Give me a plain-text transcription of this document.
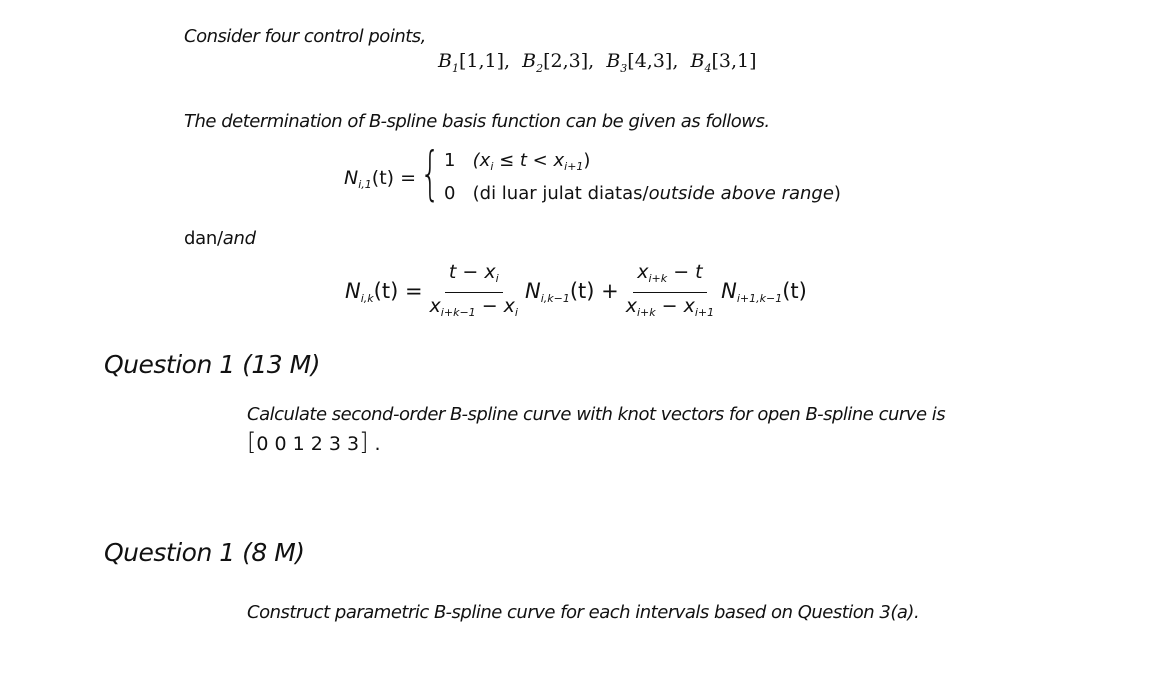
Consider four control points,
$B_1[1,1]$, $B_2[2,3]$, $B_3[4,3]$, $B_4[3,1]$
The determination of B-spline basis function can be given as follows.
$N_{i,1}(t)$ = { 1 $(x_i \le t < x_{i+1})$
0 (di luar julat diatas/outside above range)
dan/and
$Ni,k(t) = \frac{t - x_i}{x_{i+k-1} - x_i} Ni,k-1(t) + \frac{x_{i+k} - t}{x_{i+k} - x_{i+1}} Ni+1,k-1(t)$
Question 1 (13 M)
Calculate second-order B-spline curve with knot vectors for open B-spline curve is
[0 0 1 2 3 3] .
Question 1 (8 M)
Construct parametric B-spline curve for each intervals based on Question 3(a).
